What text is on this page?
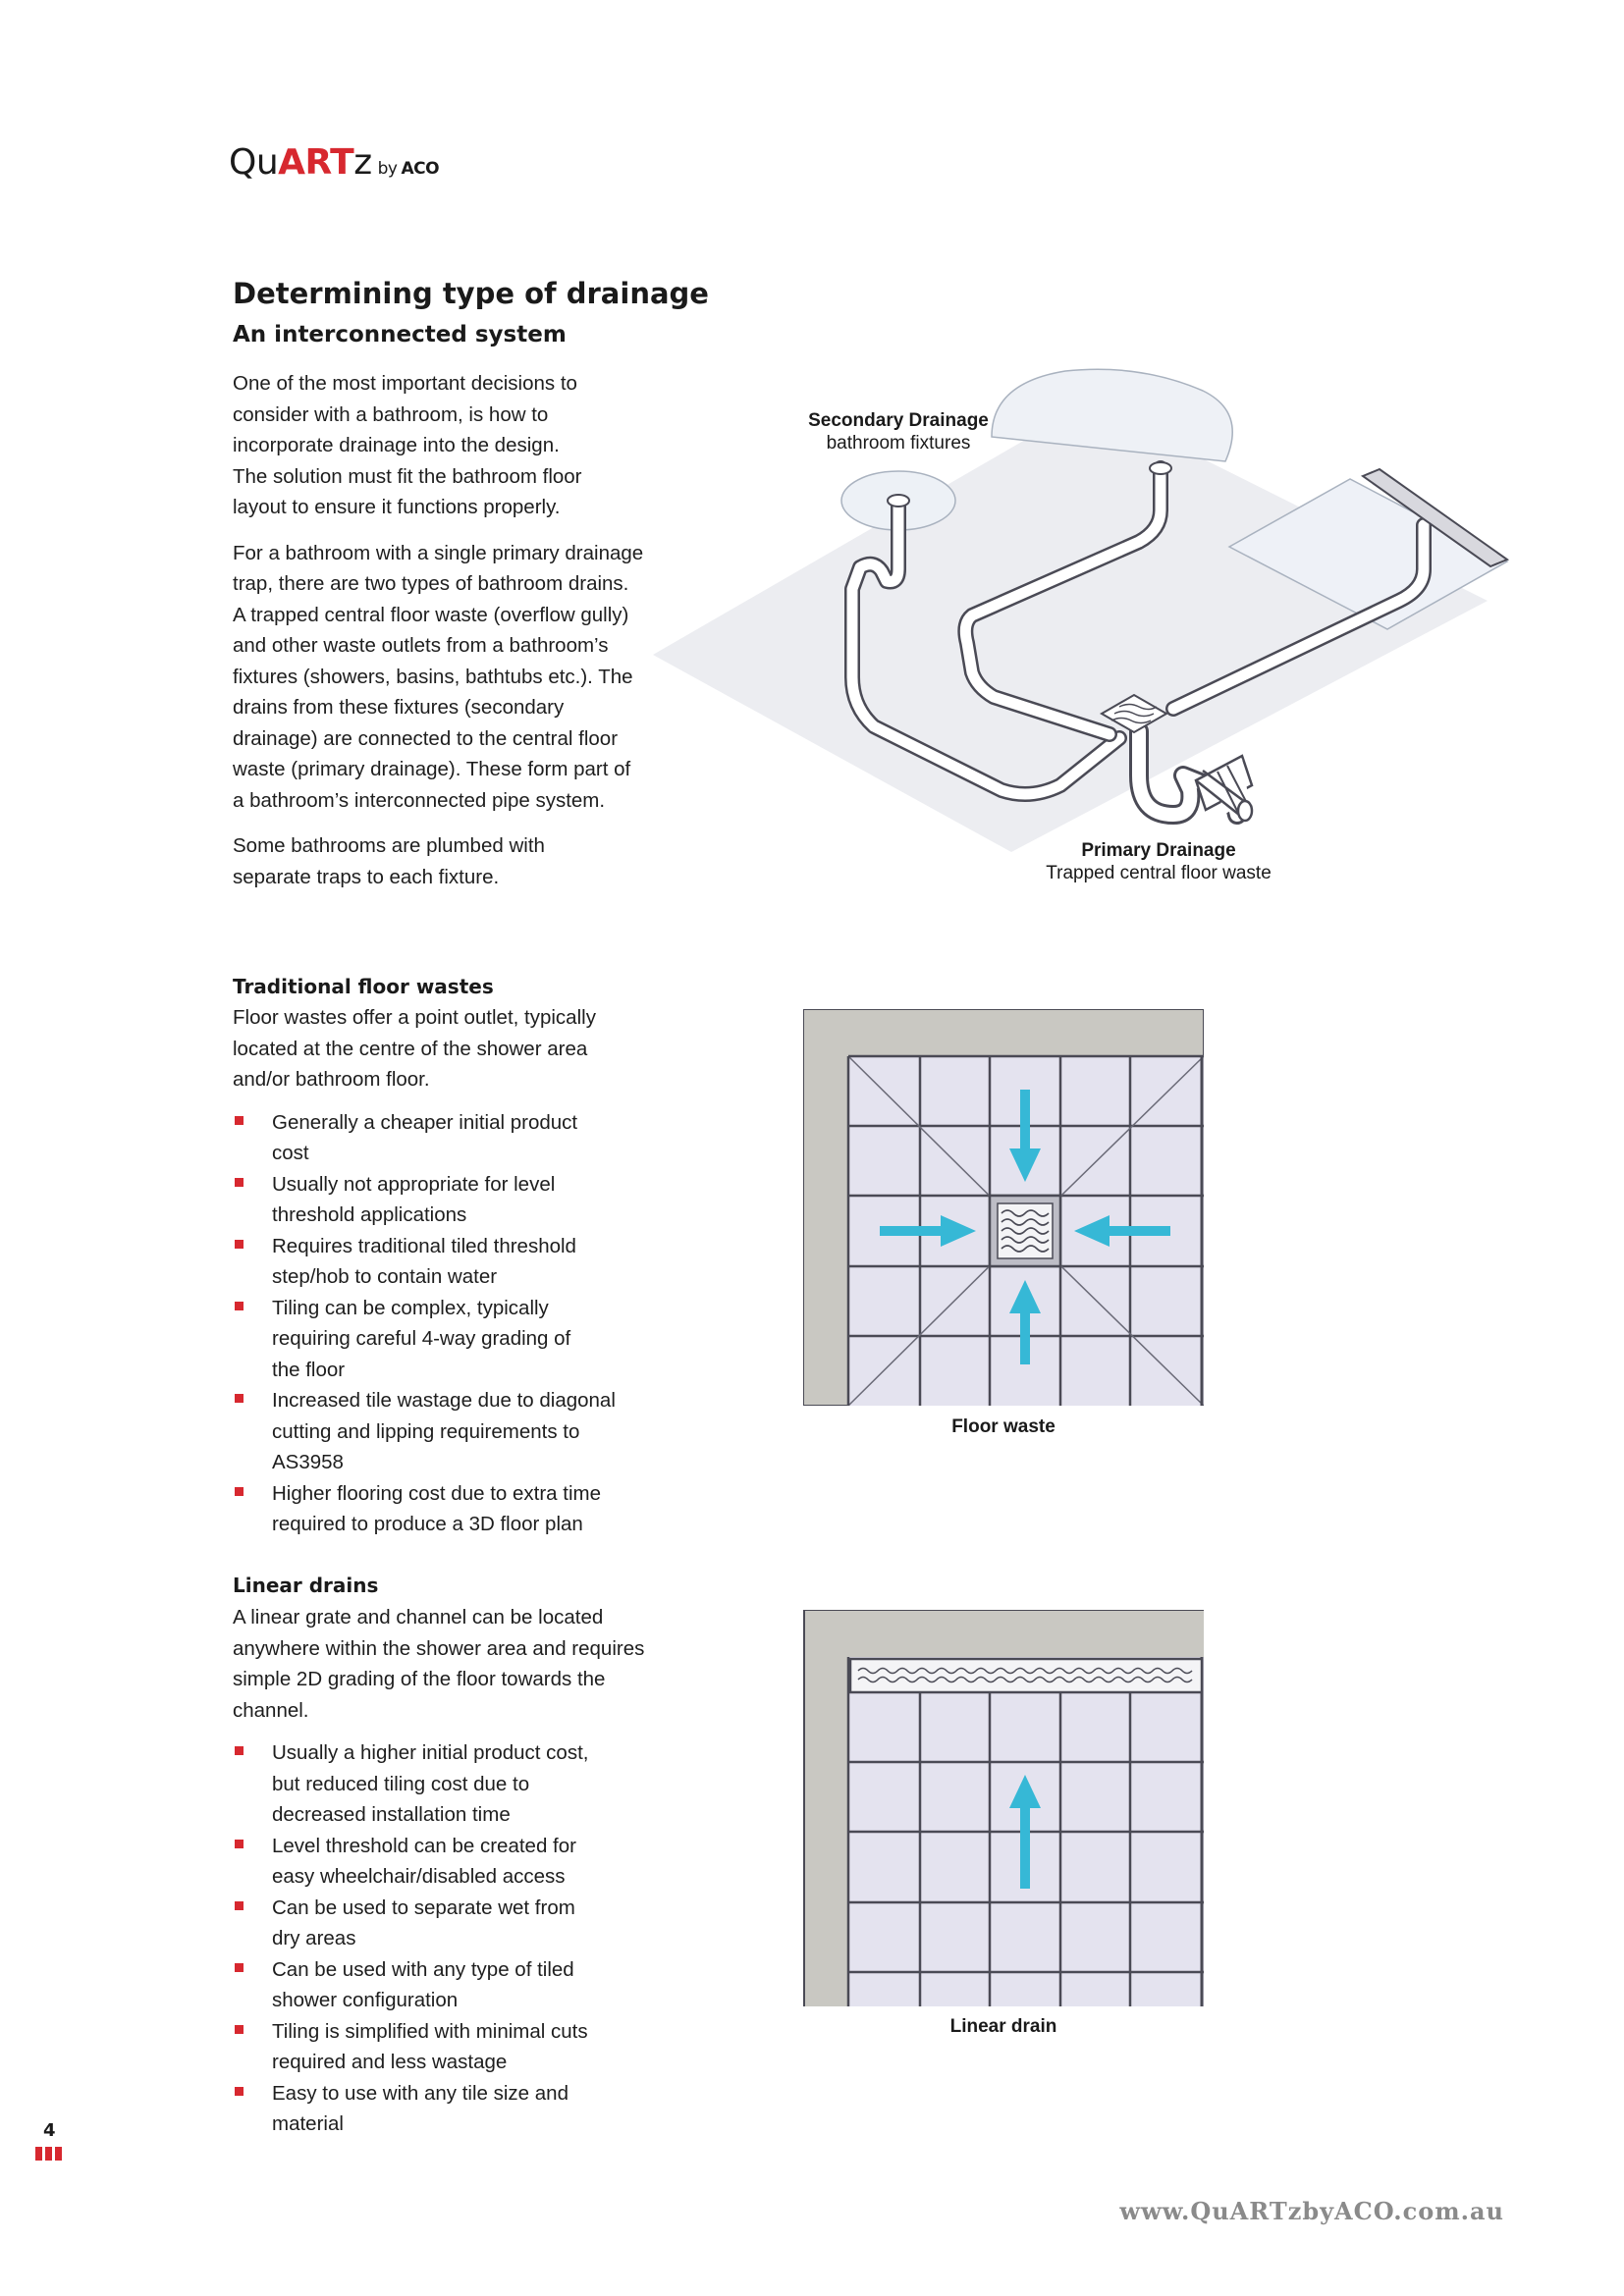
QuARTz by ACO
Determining type of drainage
An interconnected system

One of the most important decisions to consider with a bathroom, is how to incorporate drainage into the design. The solution must fit the bathroom floor layout to ensure it functions properly.

For a bathroom with a single primary drainage trap, there are two types of bathroom drains. A trapped central floor waste (overflow gully) and other waste outlets from a bathroom’s fixtures (showers, basins, bathtubs etc.). The drains from these fixtures (secondary drainage) are connected to the central floor waste (primary drainage). These form part of a bathroom’s interconnected pipe system.

Some bathrooms are plumbed with separate traps to each fixture.

Traditional floor wastes

Floor wastes offer a point outlet, typically located at the centre of the shower area and/or bathroom floor.

Generally a cheaper initial product cost
Usually not appropriate for level threshold applications
Requires traditional tiled threshold step/hob to contain water
Tiling can be complex, typically requiring careful 4-way grading of the floor
Increased tile wastage due to diagonal cutting and lipping requirements to AS3958
Higher flooring cost due to extra time required to produce a 3D floor plan
Linear drains

A linear grate and channel can be located anywhere within the shower area and requires simple 2D grading of the floor towards the channel.

Usually a higher initial product cost, but reduced tiling cost due to decreased installation time
Level threshold can be created for easy wheelchair/disabled access
Can be used to separate wet from dry areas
Can be used with any type of tiled shower configuration
Tiling is simplified with minimal cuts required and less wastage
Easy to use with any tile size and material
Secondary Drainage
bathroom fixtures
Primary Drainage
Trapped central floor waste
Floor waste
Linear drain
4
www.QuARTzbyACO.com.au
